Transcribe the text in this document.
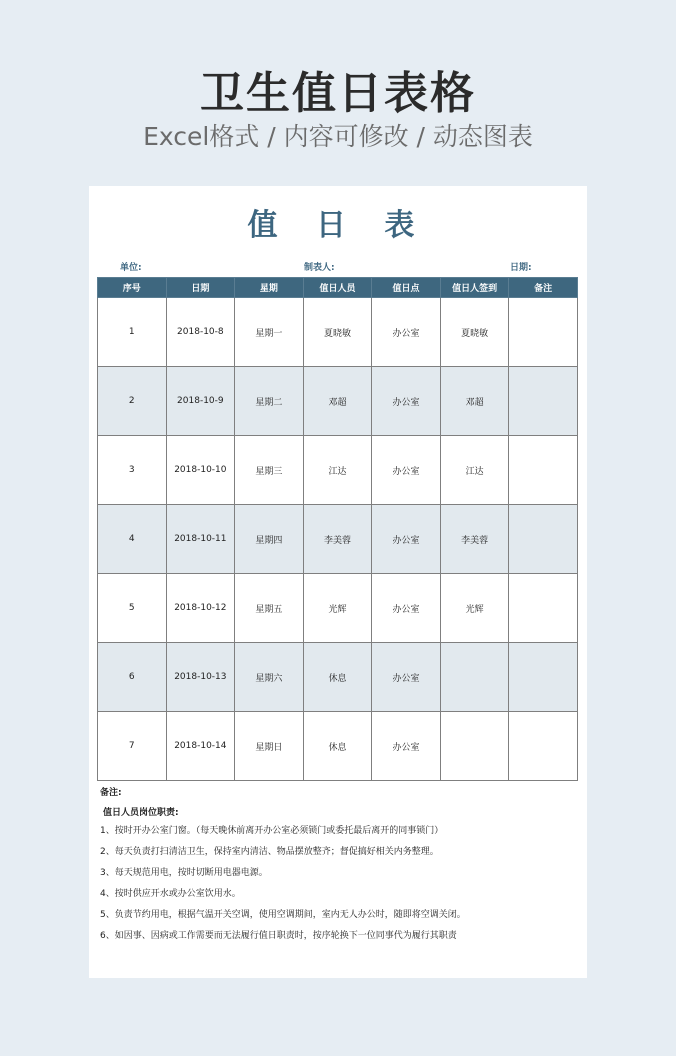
卫生值日表格
Excel格式 / 内容可修改 / 动态图表
值 日 表
单位:	制表人:	日期:
序号	日期	星期	值日人员	值日点	值日人签到	备注
1	2018-10-8	星期一	夏晓敏	办公室	夏晓敏	
2	2018-10-9	星期二	邓超	办公室	邓超	
3	2018-10-10	星期三	江达	办公室	江达	
4	2018-10-11	星期四	李美蓉	办公室	李美蓉	
5	2018-10-12	星期五	光辉	办公室	光辉	
6	2018-10-13	星期六	休息	办公室		
7	2018-10-14	星期日	休息	办公室		
备注:
值日人员岗位职责:
1、按时开办公室门窗。（每天晚休前离开办公室必须锁门或委托最后离开的同事锁门）
2、每天负责打扫清洁卫生，保持室内清洁、物品摆放整齐；督促搞好相关内务整理。
3、每天规范用电，按时切断用电器电源。
4、按时供应开水或办公室饮用水。
5、负责节约用电，根据气温开关空调，使用空调期间，室内无人办公时，随即将空调关闭。
6、如因事、因病或工作需要而无法履行值日职责时，按序轮换下一位同事代为履行其职责
